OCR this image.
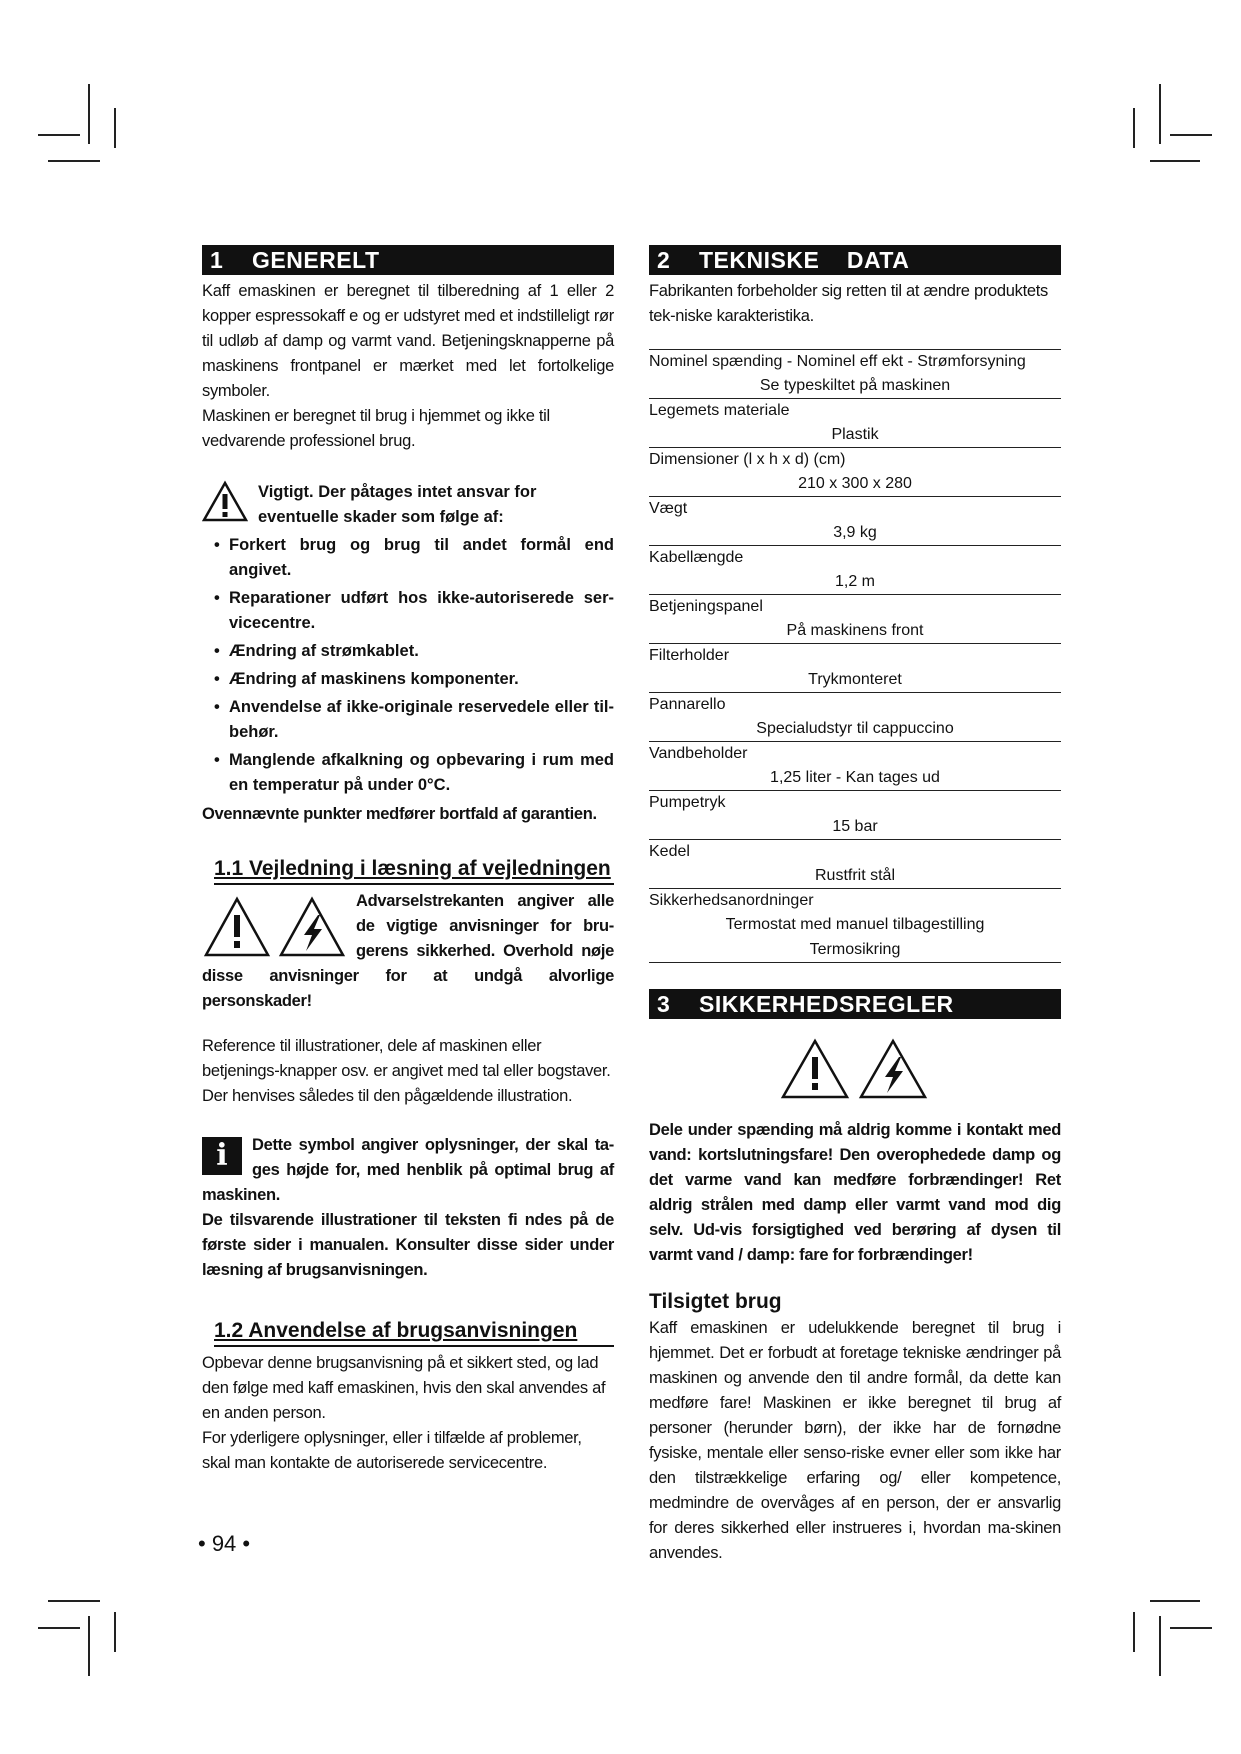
1 GENERELT

Kaff emaskinen er beregnet til tilberedning af 1 eller 2 kopper espressokaff e og er udstyret med et indstilleligt rør til udløb af damp og varmt vand. Betjeningsknapperne på maskinens frontpanel er mærket med let fortolkelige symboler.

Maskinen er beregnet til brug i hjemmet og ikke til vedvarende professionel brug.

Vigtigt. Der påtages intet ansvar for eventuelle skader som følge af:
• Forkert brug og brug til andet formål end angivet.
• Reparationer udført hos ikke-autoriserede ser-vicecentre.
• Ændring af strømkablet.
• Ændring af maskinens komponenter.
• Anvendelse af ikke-originale reservedele eller til-behør.
• Manglende afkalkning og opbevaring i rum med en temperatur på under 0°C.

Ovennævnte punkter medfører bortfald af garantien.

1.1 Vejledning i læsning af vejledningen

Advarselstrekanten angiver alle de vigtige anvisninger for bru-gerens sikkerhed. Overhold nøje disse anvisninger for at undgå alvorlige personskader!

Reference til illustrationer, dele af maskinen eller betjenings-knapper osv. er angivet med tal eller bogstaver. Der henvises således til den pågældende illustration.

i	Dette symbol angiver oplysninger, der skal ta-ges højde for, med henblik på optimal brug af maskinen.

De tilsvarende illustrationer til teksten fi ndes på de første sider i manualen. Konsulter disse sider under læsning af brugsanvisningen.

1.2 Anvendelse af brugsanvisningen

Opbevar denne brugsanvisning på et sikkert sted, og lad den følge med kaff emaskinen, hvis den skal anvendes af en anden person.

For yderligere oplysninger, eller i tilfælde af problemer, skal man kontakte de autoriserede servicecentre.

2 TEKNISKE    DATA

Fabrikanten forbeholder sig retten til at ændre produktets tek-niske karakteristika.

Nominel spænding - Nominel eff ekt - Strømforsyning
Se typeskiltet på maskinen
Legemets materiale
Plastik
Dimensioner (l x h x d) (cm)
210 x 300 x 280
Vægt
3,9 kg
Kabellængde
1,2 m
Betjeningspanel
På maskinens front
Filterholder
Trykmonteret
Pannarello
Specialudstyr til cappuccino
Vandbeholder
1,25 liter - Kan tages ud
Pumpetryk
15 bar
Kedel
Rustfrit stål
Sikkerhedsanordninger
Termostat med manuel tilbagestilling
Termosikring
3 SIKKERHEDSREGLER

Dele under spænding må aldrig komme i kontakt med vand: kortslutningsfare! Den overophedede damp og det varme vand kan medføre forbrændinger! Ret aldrig strålen med damp eller varmt vand mod dig selv. Ud-vis forsigtighed ved berøring af dysen til varmt vand / damp: fare for forbrændinger!

Tilsigtet brug

Kaff emaskinen er udelukkende beregnet til brug i hjemmet. Det er forbudt at foretage tekniske ændringer på maskinen og anvende den til andre formål, da dette kan medføre fare! Maskinen er ikke beregnet til brug af personer (herunder børn), der ikke har de fornødne fysiske, mentale eller senso-riske evner eller som ikke har den tilstrækkelige erfaring og/ eller kompetence, medmindre de overvåges af en person, der er ansvarlig for deres sikkerhed eller instrueres i, hvordan ma-skinen anvendes.

• 94 •
